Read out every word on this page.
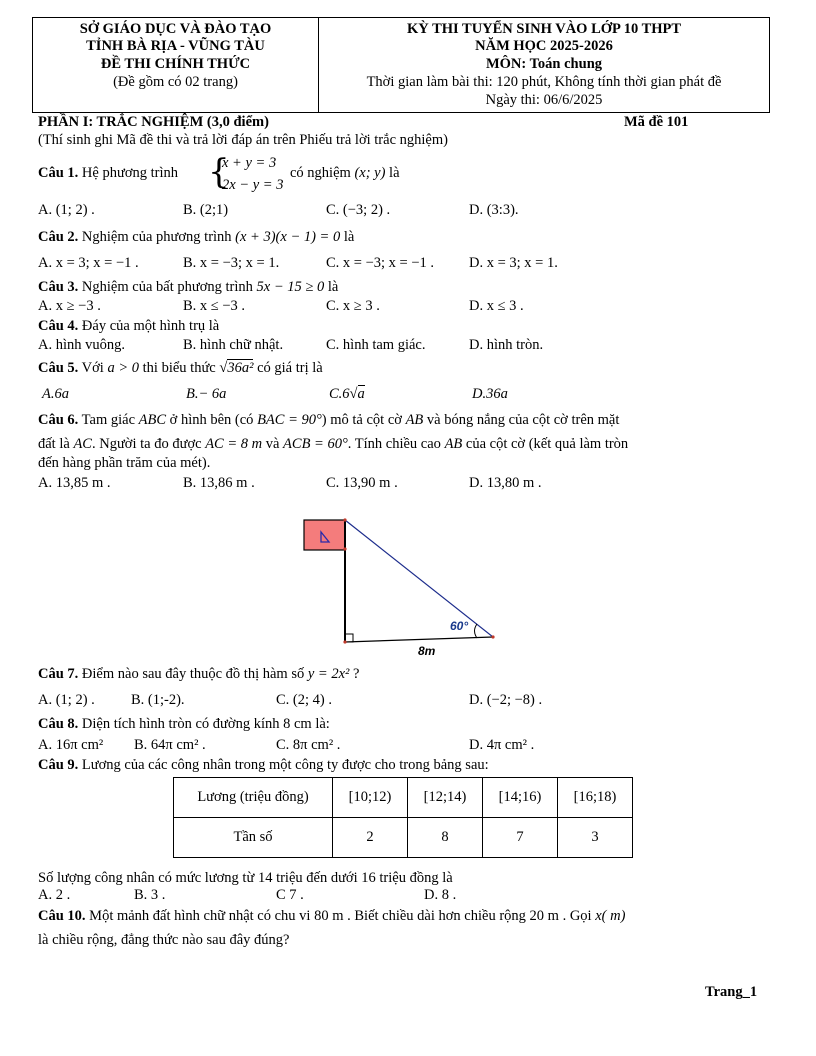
SỞ GIÁO DỤC VÀ ĐÀO TẠO
TỈNH BÀ RỊA - VŨNG TÀU
ĐỀ THI CHÍNH THỨC
(Đề gồm có 02 trang)
KỲ THI TUYỂN SINH VÀO LỚP 10 THPT
NĂM HỌC 2025-2026
MÔN: Toán chung
Thời gian làm bài thi: 120 phút, Không tính thời gian phát đề
Ngày thi: 06/6/2025
PHẦN I: TRẮC NGHIỆM (3,0 điểm)	Mã đề 101
(Thí sinh ghi Mã đề thi và trả lời đáp án trên Phiếu trả lời trắc nghiệm)
Câu 1. Hệ phương trình {
x + y = 3
2x − y = 3
có nghiệm (x; y) là
A. (1; 2) .	B. (2;1)	C. (−3; 2) .	D. (3:3).
Câu 2. Nghiệm của phương trình (x + 3)(x − 1) = 0 là
A. x = 3; x = −1 .	B. x = −3; x = 1.	C. x = −3; x = −1 . D. x = 3; x = 1.
Câu 3. Nghiệm của bất phương trình 5x − 15 ≥ 0 là
A. x ≥ −3 .	B. x ≤ −3 .	C. x ≥ 3 .	D. x ≤ 3 .
Câu 4. Đáy của một hình trụ là
A. hình vuông.	B. hình chữ nhật.	C. hình tam giác.	D. hình tròn.
Câu 5. Với a > 0 thi biểu thức √36a² có giá trị là
A.6a	B.− 6a	C.6√a	D.36a
Câu 6. Tam giác ABC ở hình bên (có BAC = 90°) mô tả cột cờ AB và bóng nắng của cột cờ trên mặt
đất là AC. Người ta đo được AC = 8 m và ACB = 60°. Tính chiều cao AB của cột cờ (kết quả làm tròn
đến hàng phần trăm của mét).
A. 13,85 m .	B. 13,86 m .	C. 13,90 m .	D. 13,80 m .
60°
8m
Câu 7. Điểm nào sau đây thuộc đồ thị hàm số y = 2x² ?
A. (1; 2) . B. (1;-2).	C. (2; 4) .	D. (−2; −8) .
Câu 8. Diện tích hình tròn có đường kính 8 cm là:
A. 16π cm² B. 64π cm² .	C. 8π cm² .	D. 4π cm² .
Câu 9. Lương của các công nhân trong một công ty được cho trong bảng sau:
Lương (triệu đồng)	[10;12)	[12;14)	[14;16)	[16;18)
Tần số	2	8	7	3
Số lượng công nhân có mức lương từ 14 triệu đến dưới 16 triệu đồng là
A. 2 .	B. 3 .	C 7 .	D. 8 .
Câu 10. Một mảnh đất hình chữ nhật có chu vi 80 m . Biết chiều dài hơn chiều rộng 20 m . Gọi x( m)
là chiều rộng, đẳng thức nào sau đây đúng?
Trang_1
